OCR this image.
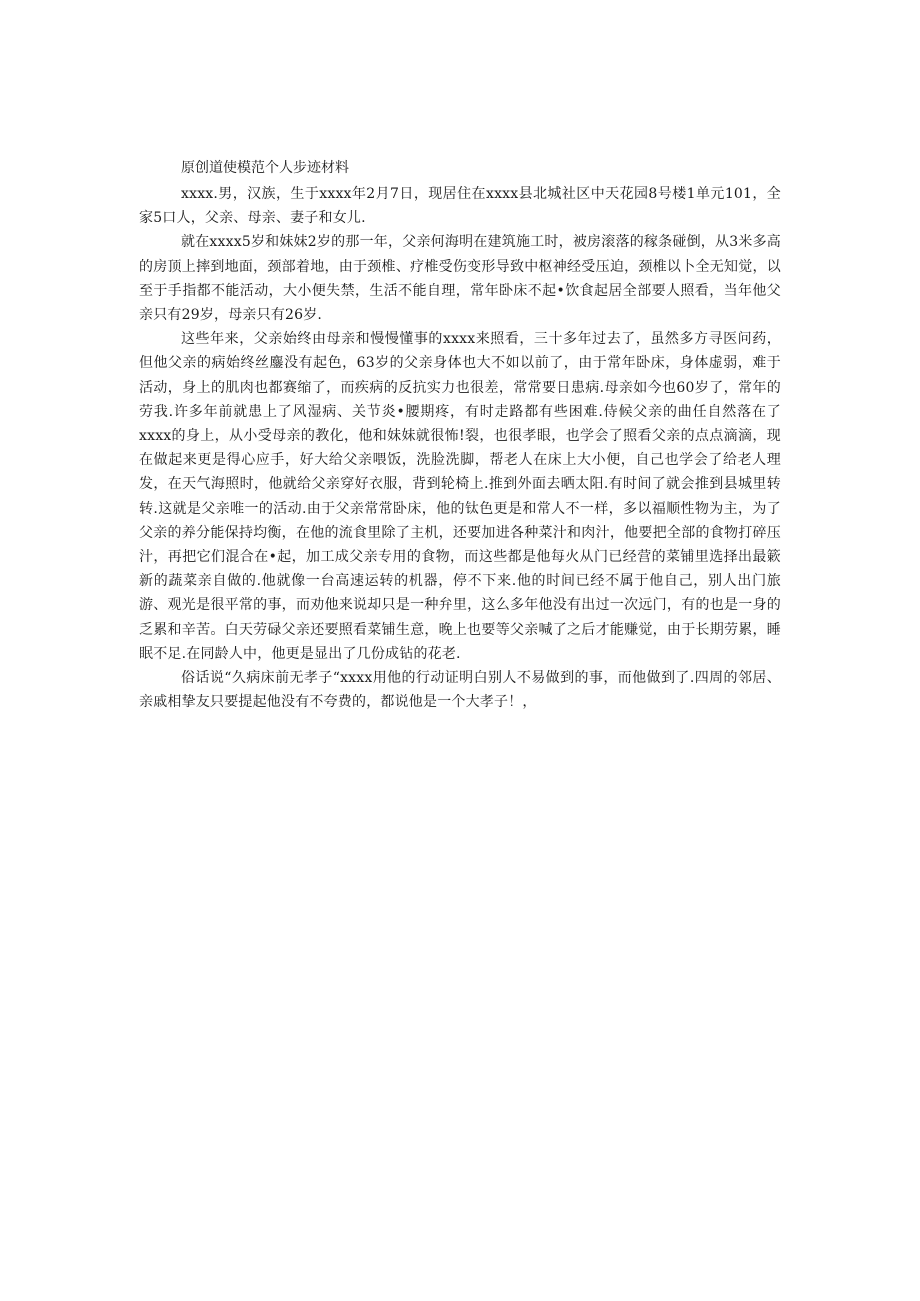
原创道使模范个人步迹材料

xxxx.男，汉族，生于xxxx年2月7日，现居住在xxxx县北城社区中天花园8号楼1单元101，全家5口人，父亲、母亲、妻子和女儿.

就在xxxx5岁和妹妹2岁的那一年，父亲何海明在建筑施工时，被房滚落的稼条碰倒，从3米多高的房顶上摔到地面，颈部着地，由于颈椎、疗椎受伤变形导致中枢神经受压迫，颈椎以卜全无知觉，以至于手指都不能活动，大小便失禁，生活不能自理，常年卧床不起•饮食起居全部要人照看，当年他父亲只有29岁，母亲只有26岁.

这些年来，父亲始终由母亲和慢慢懂事的xxxx来照看，三十多年过去了，虽然多方寻医问药，但他父亲的病始终丝鏖没有起色，63岁的父亲身体也大不如以前了，由于常年卧床，身体虚弱，难于活动，身上的肌肉也都赛缩了，而疾病的反抗实力也很差，常常要日患病.母亲如今也60岁了，常年的劳我.许多年前就患上了风湿病、关节炎•腰期疼，有时走路都有些困难.侍候父亲的曲任自然落在了xxxx的身上，从小受母亲的教化，他和妹妹就很怖!裂，也很孝眼，也学会了照看父亲的点点滴滴，现在做起来更是得心应手，好大给父亲喂饭，洗脸洗脚，帮老人在床上大小便，自己也学会了给老人理发，在天气海照时，他就给父亲穿好衣服，背到轮椅上.推到外面去晒太阳.有时间了就会推到县城里转转.这就是父亲唯一的活动.由于父亲常常卧床，他的钛色更是和常人不一样，多以福顺性物为主，为了父亲的养分能保持均衡，在他的流食里除了主机，还要加进各种菜汁和肉汁，他要把全部的食物打碎压汁，再把它们混合在•起，加工成父亲专用的食物，而这些都是他每火从门已经营的菜铺里选择出最簌新的蔬菜亲自做的.他就像一台高速运转的机器，停不下来.他的时间已经不属于他自己，别人出门旅游、观光是很平常的事，而劝他来说却只是一种弁里，这么多年他没有出过一次远门，有的也是一身的乏累和辛苦。白天劳碌父亲还要照看菜铺生意，晚上也要等父亲喊了之后才能赚觉，由于长期劳累，睡眠不足.在同龄人中，他更是显出了几份成钻的花老.

俗话说“久病床前无孝子“xxxx用他的行动证明白别人不易做到的事，而他做到了.四周的邻居、亲戚相挚友只要提起他没有不夸费的，都说他是一个大孝子！，
